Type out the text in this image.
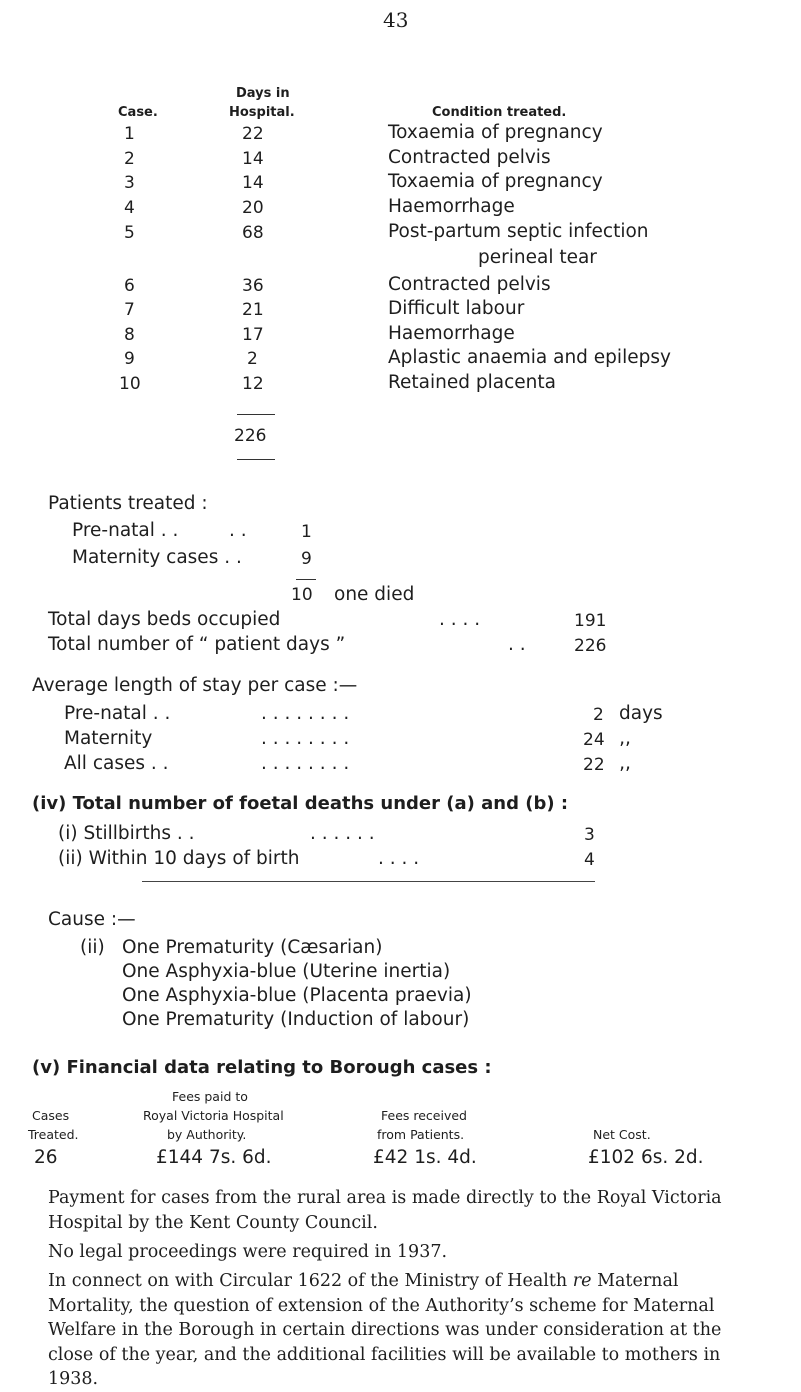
43
Days in
Case.	Hospital.	Condition treated.
1	22	Toxaemia of pregnancy
2	14	Contracted pelvis
3	14	Toxaemia of pregnancy
4	20	Haemorrhage
5	68	Post-partum septic infection
perineal tear
6	36	Contracted pelvis
7	21	Difficult labour
8	17	Haemorrhage
9	2	Aplastic anaemia and epilepsy
10	12	Retained placenta
226
Patients treated :
Pre-natal . .	. .	1
Maternity cases . .	9
10 one died
Total days beds occupied	. . . .	191
Total number of “ patient days ”	. .	226
Average length of stay per case :—
Pre-natal . .	. . . . . . . .	2 days
Maternity	. . . . . . . .	24 ‚‚
All cases . .	. . . . . . . .	22 ‚‚
(iv) Total number of foetal deaths under (a) and (b) :
(i) Stillbirths . .	. . . . . .	3
(ii) Within 10 days of birth	. . . .	4
Cause :—
(ii) One Prematurity (Cæsarian)
One Asphyxia-blue (Uterine inertia)
One Asphyxia-blue (Placenta praevia)
One Prematurity (Induction of labour)
(v) Financial data relating to Borough cases :
Fees paid to
Cases	Royal Victoria Hospital	Fees received
Treated.	by Authority.	from Patients.	Net Cost.
26	£144 7s. 6d.	£42 1s. 4d.	£102 6s. 2d.
Payment for cases from the rural area is made directly to the Royal Victoria Hospital by the Kent County Council.
No legal proceedings were required in 1937.
In connect on with Circular 1622 of the Ministry of Health re Maternal Mortality, the question of extension of the Authority’s scheme for Maternal Welfare in the Borough in certain directions was under consideration at the close of the year, and the additional facilities will be available to mothers in 1938.
